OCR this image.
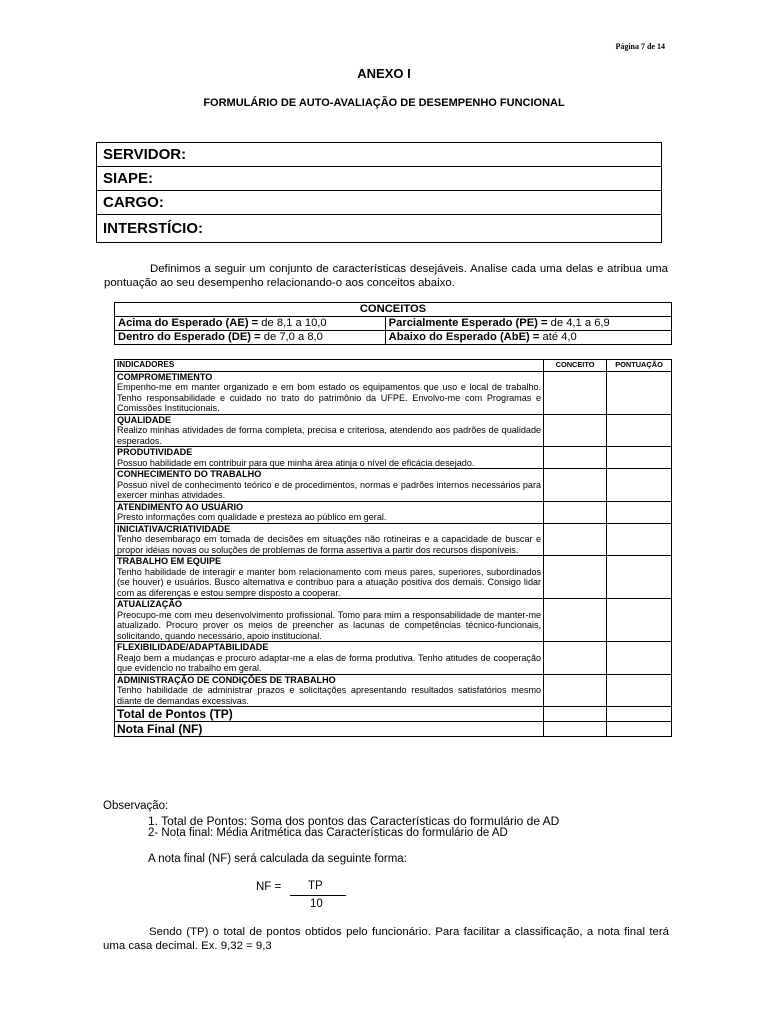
Página 7 de 14
ANEXO I
FORMULÁRIO DE AUTO-AVALIAÇÃO DE DESEMPENHO FUNCIONAL
SERVIDOR:
SIAPE:
CARGO:
INTERSTÍCIO:
Definimos a seguir um conjunto de características desejáveis. Analise cada uma delas e atribua uma pontuação ao seu desempenho relacionando-o aos conceitos abaixo.
CONCEITOS	
Acima do Esperado (AE) = de 8,1 a 10,0	Parcialmente Esperado (PE) = de 4,1 a 6,9
Dentro do Esperado (DE) = de 7,0 a 8,0	Abaixo do Esperado (AbE) = até 4,0
INDICADORES	CONCEITO	PONTUAÇÃO

COMPROMETIMENTO
Empenho-me em manter organizado e em bom estado os equipamentos que uso e local de trabalho. Tenho responsabilidade e cuidado no trato do patrimônio da UFPE. Envolvo-me com Programas e Comissões Institucionais.		

QUALIDADE
Realizo minhas atividades de forma completa, precisa e criteriosa, atendendo aos padrões de qualidade esperados.		

PRODUTIVIDADE
Possuo habilidade em contribuir para que minha área atinja o nível de eficácia desejado.		

CONHECIMENTO DO TRABALHO
Possuo nível de conhecimento teórico e de procedimentos, normas e padrões internos necessários para exercer minhas atividades.		

ATENDIMENTO AO USUÁRIO
Presto informações com qualidade e presteza ao público em geral.		

INICIATIVA/CRIATIVIDADE
Tenho desembaraço em tomada de decisões em situações não rotineiras e a capacidade de buscar e propor idéias novas ou soluções de problemas de forma assertiva a partir dos recursos disponíveis.		

TRABALHO EM EQUIPE
Tenho habilidade de interagir e manter bom relacionamento com meus pares, superiores, subordinados (se houver) e usuários. Busco alternativa e contribuo para a atuação positiva dos demais. Consigo lidar com as diferenças e estou sempre disposto a cooperar.		

ATUALIZAÇÃO
Preocupo-me com meu desenvolvimento profissional. Tomo para mim a responsabilidade de manter-me atualizado. Procuro prover os meios de preencher as lacunas de competências técnico-funcionais, solicitando, quando necessário, apoio institucional.		

FLEXIBILIDADE/ADAPTABILIDADE
Reajo bem a mudanças e procuro adaptar-me a elas de forma produtiva. Tenho atitudes de cooperação que evidencio no trabalho em geral.		

ADMINISTRAÇÃO DE CONDIÇÕES DE TRABALHO
Tenho habilidade de administrar prazos e solicitações apresentando resultados satisfatórios mesmo diante de demandas excessivas.		

Total de Pontos (TP)		
Nota Final (NF)		
Observação:
1. Total de Pontos: Soma dos pontos das Características do formulário de AD
2- Nota final: Média Aritmética das Características do formulário de AD
A nota final (NF) será calculada da seguinte forma:
NF = TP
10
Sendo (TP) o total de pontos obtidos pelo funcionário. Para facilitar a classificação, a nota final terá uma casa decimal. Ex. 9,32 = 9,3
